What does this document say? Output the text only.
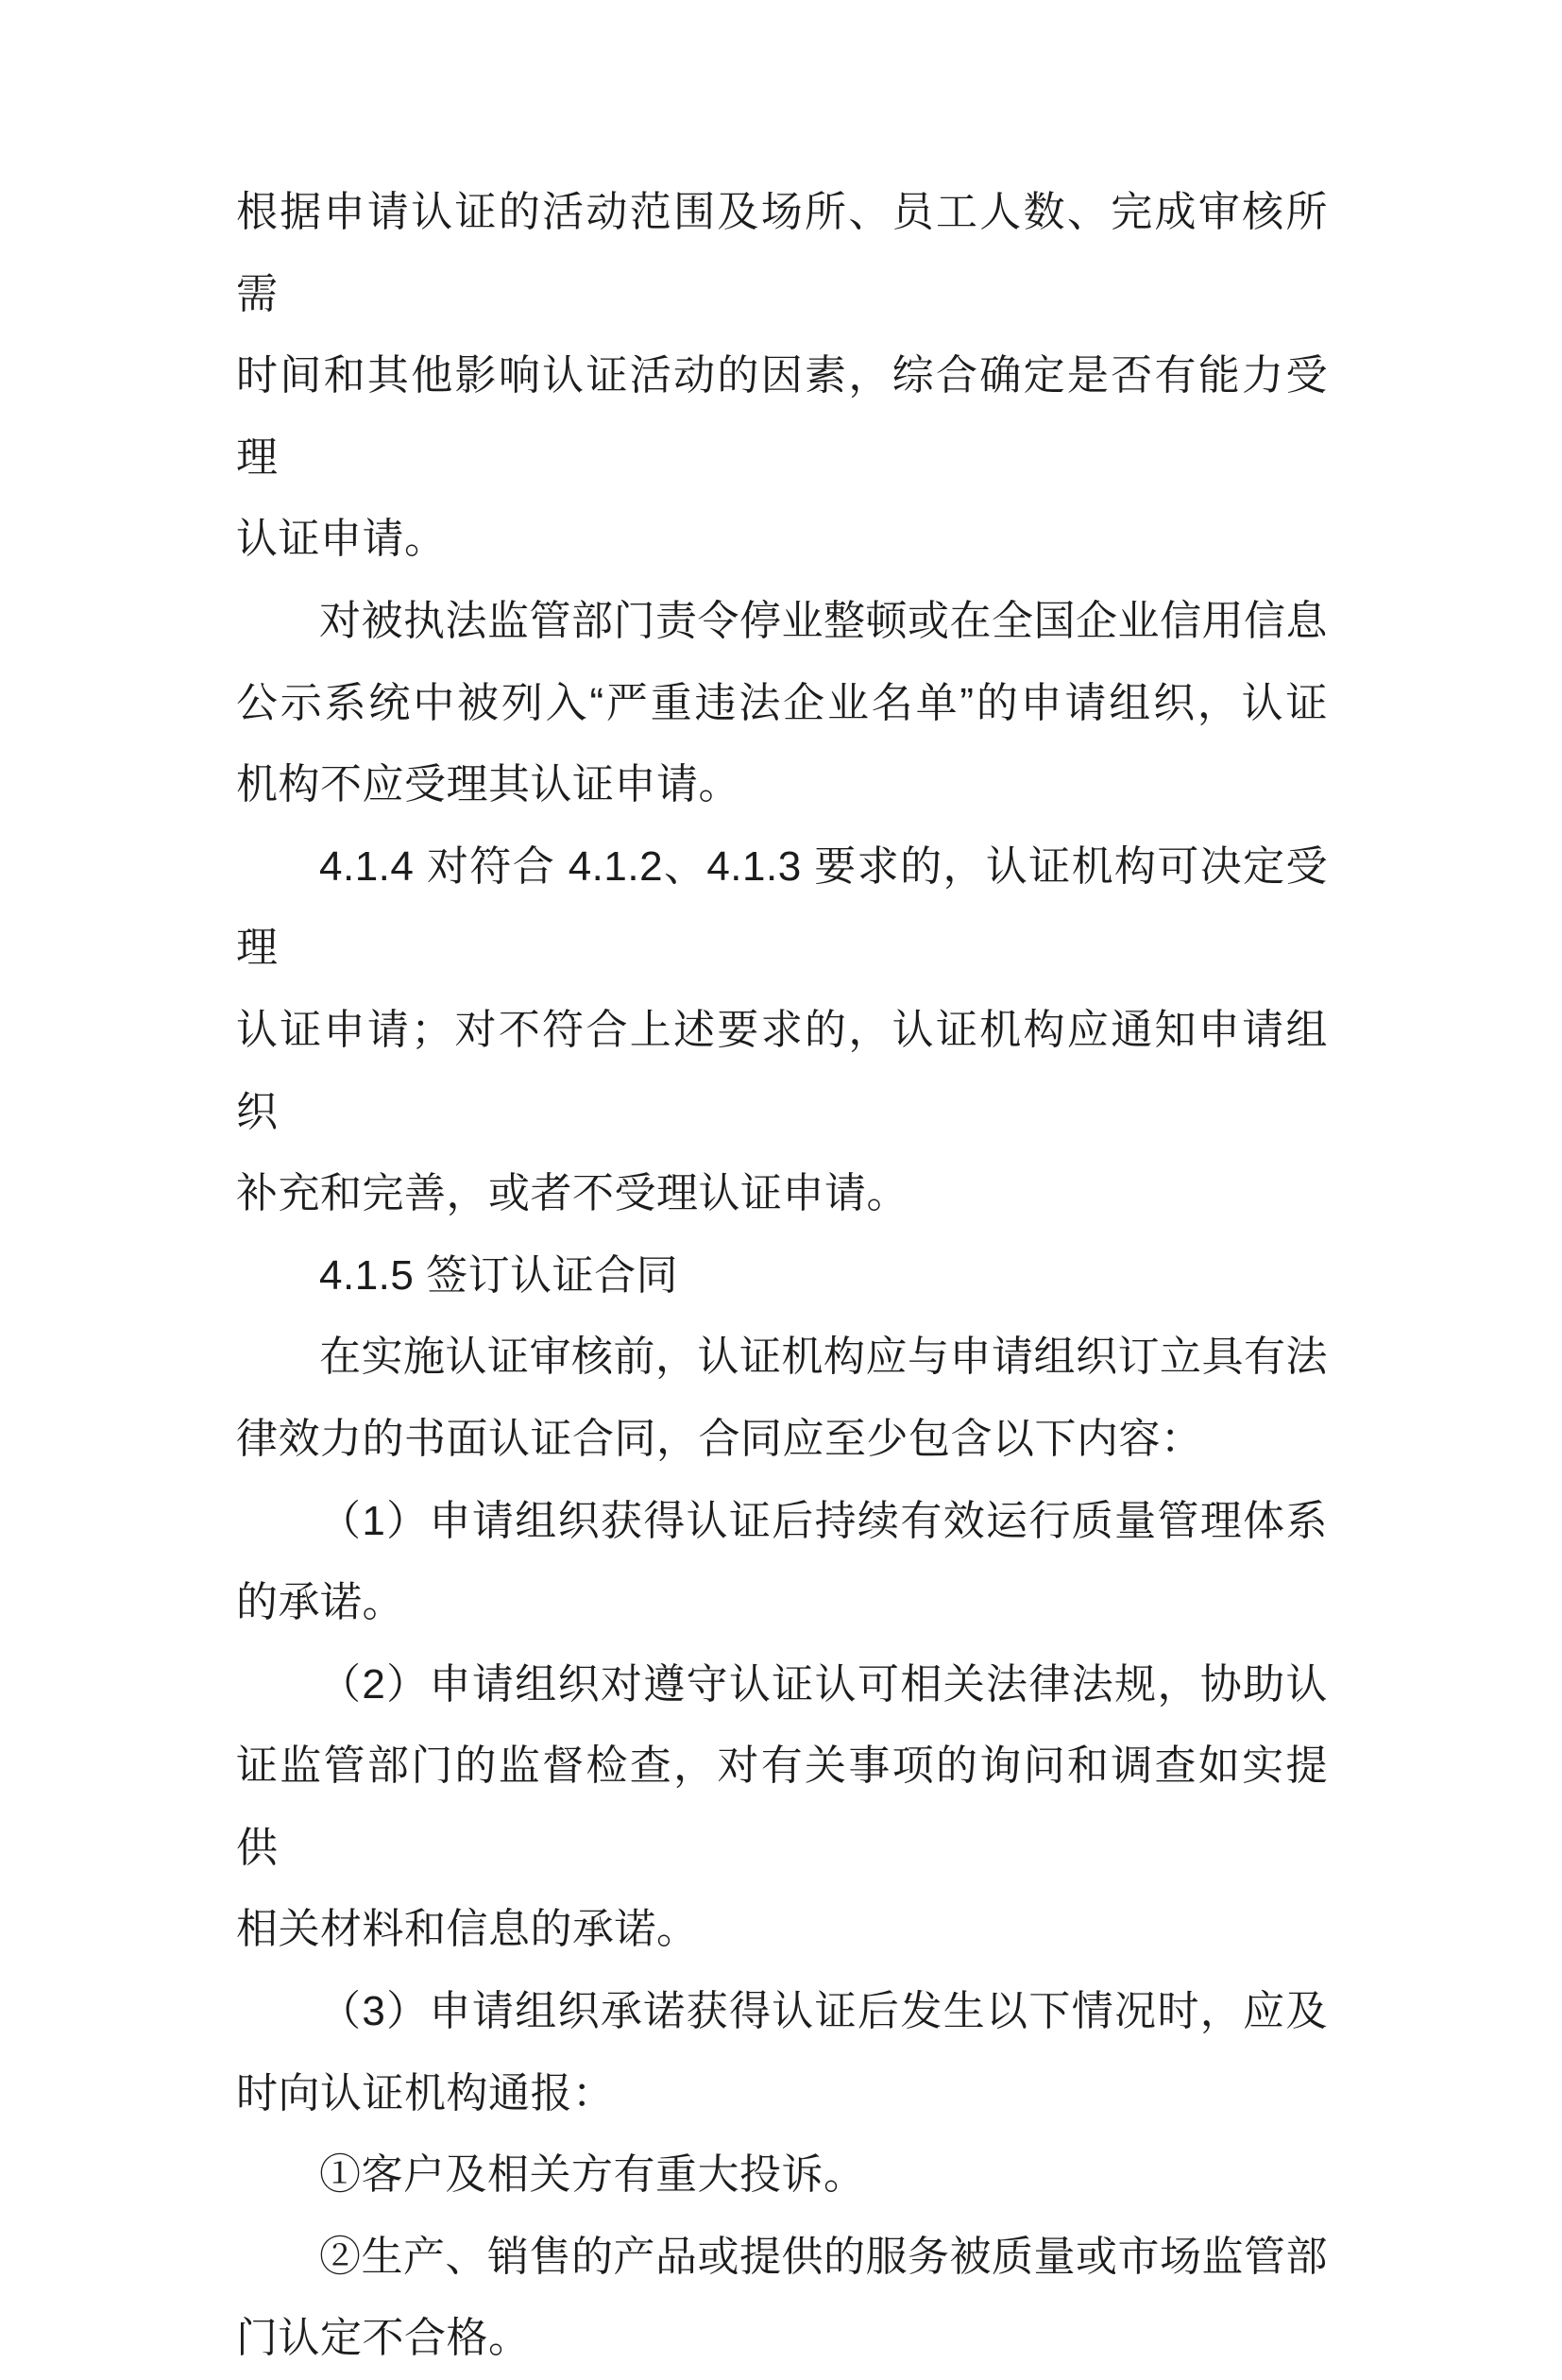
根据申请认证的活动范围及场所、员工人数、完成审核所需

时间和其他影响认证活动的因素，综合确定是否有能力受理

认证申请。

对被执法监管部门责令停业整顿或在全国企业信用信息

公示系统中被列入“严重违法企业名单”的申请组织，认证

机构不应受理其认证申请。

4.1.4 对符合 4.1.2、4.1.3 要求的，认证机构可决定受理

认证申请；对不符合上述要求的，认证机构应通知申请组织

补充和完善，或者不受理认证申请。

4.1.5 签订认证合同

在实施认证审核前，认证机构应与申请组织订立具有法

律效力的书面认证合同，合同应至少包含以下内容：

（1）申请组织获得认证后持续有效运行质量管理体系

的承诺。

（2）申请组织对遵守认证认可相关法律法规，协助认

证监管部门的监督检查，对有关事项的询问和调查如实提供

相关材料和信息的承诺。

（3）申请组织承诺获得认证后发生以下情况时，应及

时向认证机构通报：

①客户及相关方有重大投诉。

②生产、销售的产品或提供的服务被质量或市场监管部

门认定不合格。
